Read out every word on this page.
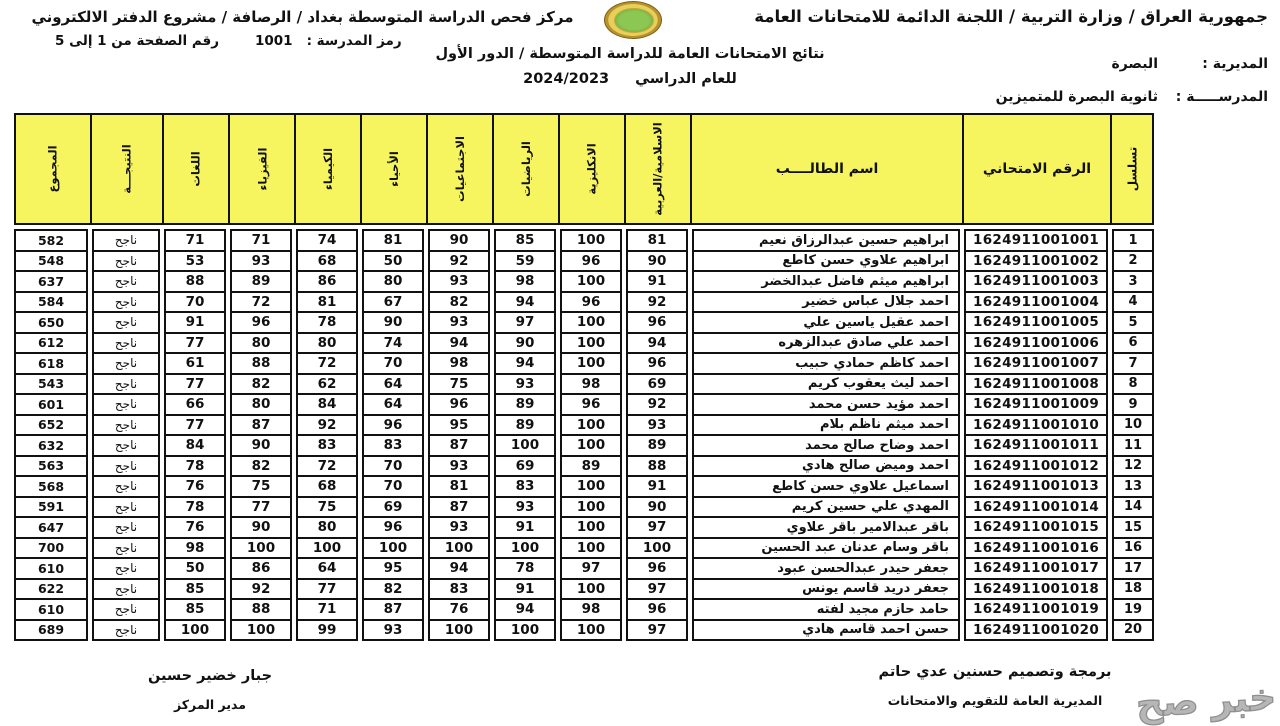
جمهورية العراق / وزارة التربية / اللجنة الدائمة للامتحانات العامة
مركز فحص الدراسة المتوسطة بغداد / الرصافة / مشروع الدفتر الالكتروني
رمز المدرسة :1001
رقم الصفحة من 1 إلى 5
نتائج الامتحانات العامة للدراسة المتوسطة / الدور الأول
للعام الدراسي2024/2023
المديرية :البصرة
المدرســـــة :ثانوية البصرة للمتميزين
تسلسل
الرقم الامتحاني
اسم الطالــــب
الاسلامية/العربية
الانكليزية
الرياضيات
الاجتماعيات
الأحياء
الكيمياء
الفيزياء
اللغات
النتيجـــة
المجموع
1
1624911001001
ابراهيم حسين عبدالرزاق نعيم
81
100
85
90
81
74
71
71
ناجح
582
2
1624911001002
ابراهيم علاوي حسن كاطع
90
96
59
92
50
68
93
53
ناجح
548
3
1624911001003
ابراهيم ميثم فاضل عبدالخضر
91
100
98
93
80
86
89
88
ناجح
637
4
1624911001004
احمد جلال عباس خضير
92
96
94
82
67
81
72
70
ناجح
584
5
1624911001005
احمد عقيل ياسين علي
96
100
97
93
90
78
96
91
ناجح
650
6
1624911001006
احمد علي صادق عبدالزهره
94
100
90
94
74
80
80
77
ناجح
612
7
1624911001007
احمد كاظم حمادي حبيب
96
100
94
98
70
72
88
61
ناجح
618
8
1624911001008
احمد ليث يعقوب كريم
69
98
93
75
64
62
82
77
ناجح
543
9
1624911001009
احمد مؤيد حسن محمد
92
96
89
96
64
84
80
66
ناجح
601
10
1624911001010
احمد ميثم ناظم بلام
93
100
89
95
96
92
87
77
ناجح
652
11
1624911001011
احمد وضاح صالح محمد
89
100
100
87
83
83
90
84
ناجح
632
12
1624911001012
احمد وميض صالح هادي
88
89
69
93
70
72
82
78
ناجح
563
13
1624911001013
اسماعيل علاوي حسن كاطع
91
100
83
81
70
68
75
76
ناجح
568
14
1624911001014
المهدي علي حسين كريم
90
100
93
87
69
75
77
78
ناجح
591
15
1624911001015
باقر عبدالامير باقر علاوي
97
100
91
93
96
80
90
76
ناجح
647
16
1624911001016
باقر وسام عدنان عبد الحسين
100
100
100
100
100
100
100
98
ناجح
700
17
1624911001017
جعفر حيدر عبدالحسن عبود
96
97
78
94
95
64
86
50
ناجح
610
18
1624911001018
جعفر دريد قاسم يونس
97
100
91
83
82
77
92
85
ناجح
622
19
1624911001019
حامد حازم مجيد لفته
96
98
94
76
87
71
88
85
ناجح
610
20
1624911001020
حسن احمد قاسم هادي
97
100
100
100
93
99
100
100
ناجح
689
جبار خضير حسين
مدير المركز
برمجة وتصميم حسنين عدي حاتم
المديرية العامة للتقويم والامتحانات خبر صح
